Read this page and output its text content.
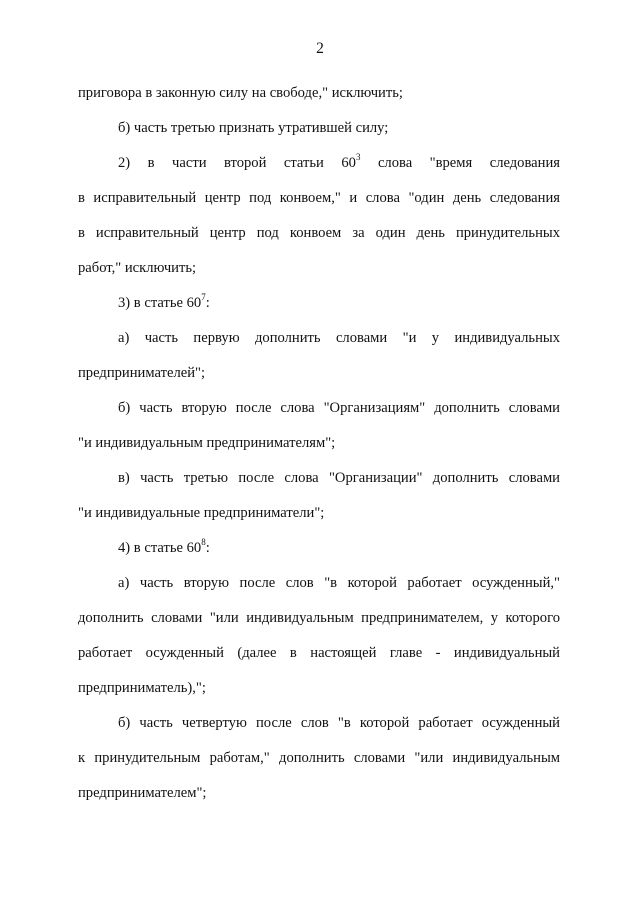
2
приговора в законную силу на свободе," исключить;
б) часть третью признать утратившей силу;
2) в части второй статьи $60^3$ слова "время следования
в исправительный центр под конвоем," и слова "один день следования
в исправительный центр под конвоем за один день принудительных
работ," исключить;
3) в статье $60^7$:
а) часть первую дополнить словами "и у индивидуальных
предпринимателей";
б) часть вторую после слова "Организациям" дополнить словами
"и индивидуальным предпринимателям";
в) часть третью после слова "Организации" дополнить словами
"и индивидуальные предприниматели";
4) в статье $60^8$:
а) часть вторую после слов "в которой работает осужденный,"
дополнить словами "или индивидуальным предпринимателем, у которого
работает осужденный (далее в настоящей главе - индивидуальный
предприниматель),";
б) часть четвертую после слов "в которой работает осужденный
к принудительным работам," дополнить словами "или индивидуальным
предпринимателем";
